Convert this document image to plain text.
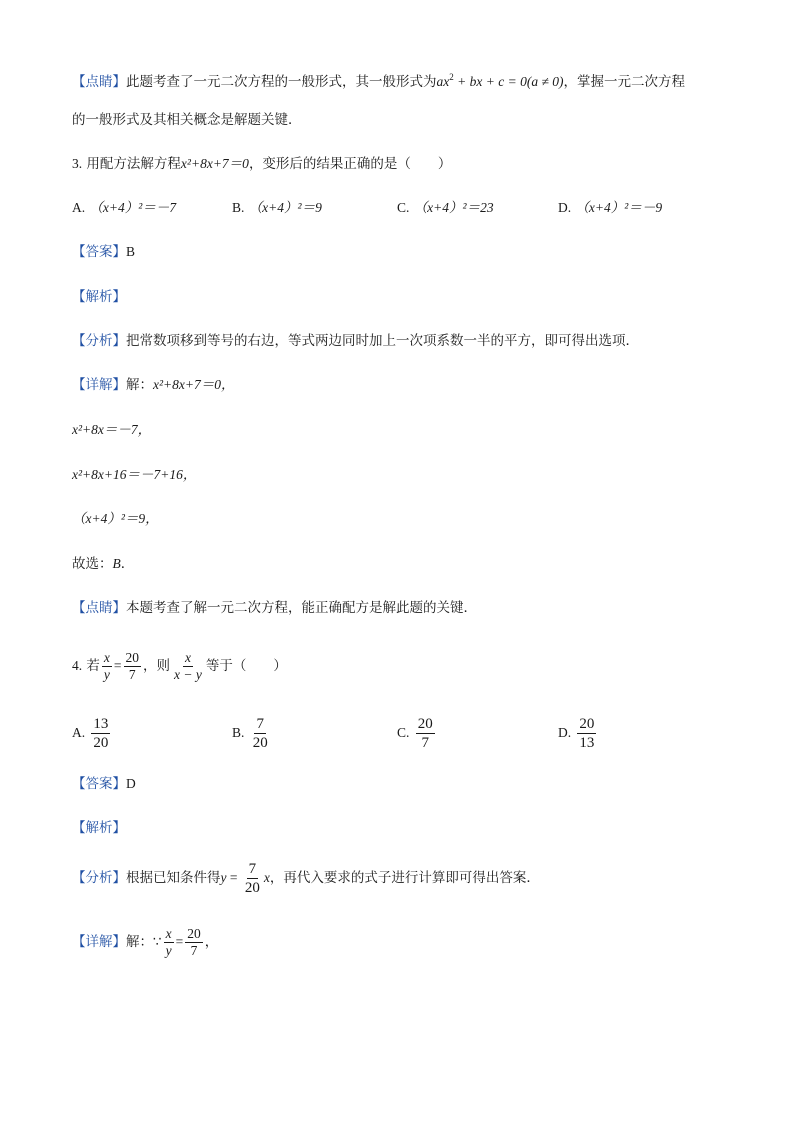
【点睛】此题考查了一元二次方程的一般形式，其一般形式为$ax^2$ + bx + c = 0(a ≠ 0)，掌握一元二次方程
的一般形式及其相关概念是解题关键．
3. 用配方法解方程x²+8x+7＝0，变形后的结果正确的是（　　）
A. （x+4）²＝－7	B. （x+4）²＝9	C. （x+4）²＝23	D. （x+4）²＝－9
【答案】B
【解析】
【分析】把常数项移到等号的右边，等式两边同时加上一次项系数一半的平方，即可得出选项．
【详解】解：x²+8x+7＝0，
x²+8x＝－7，
x²+8x+16＝－7+16，
（x+4）²＝9，
故选：B．
【点睛】本题考查了解一元二次方程，能正确配方是解此题的关键．
4. 若 $\frac{x}{y} = \frac{20}{7}$ ，则 $\frac{x}{x - y}$ 等于（　　）
A. $\frac{13}{20}$	B. $\frac{7}{20}$	C. $\frac{20}{7}$	D. $\frac{20}{13}$
【答案】D
【解析】
【分析】根据已知条件得$y = \frac{7}{20}$ x，再代入要求的式子进行计算即可得出答案．
【详解】解：∵ $\frac{x}{y} = \frac{20}{7}$ ，
